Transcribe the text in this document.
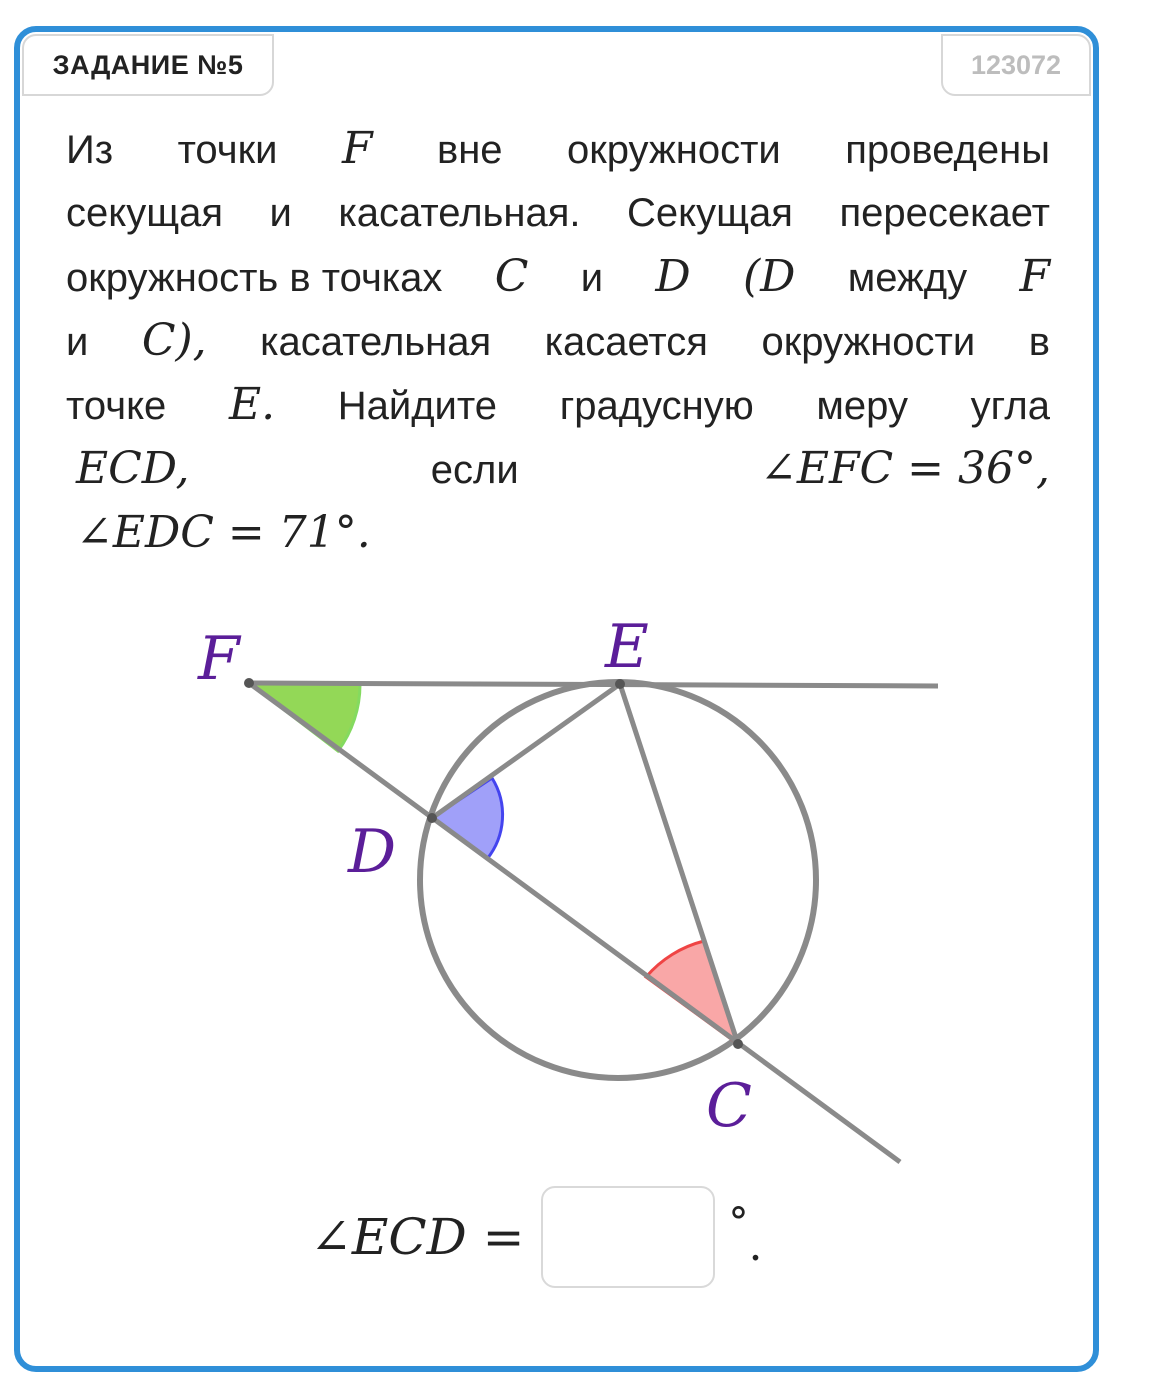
ЗАДАНИЕ №5	123072
Из точки F вне окружности проведены
секущая и касательная. Секущая пересекает
окружность в точках C и D (D между F
и C), касательная касается окружности в
точке E. Найдите градусную меру угла
ECD,	если	∠EFC = 36°,
∠EDC = 71°.
F	E
D
C
∠ECD =	° .
